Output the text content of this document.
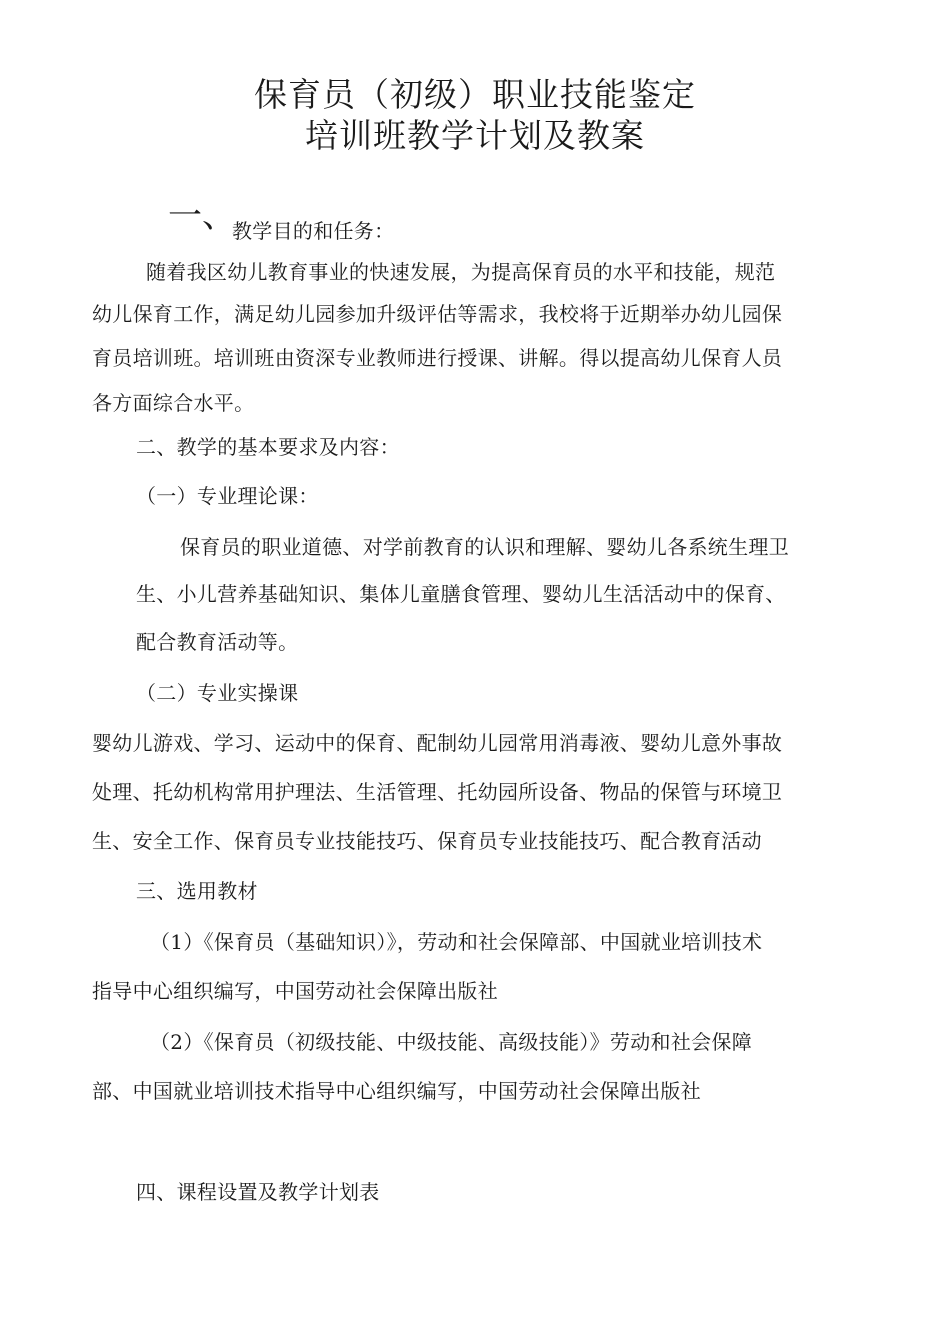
保育员（初级）职业技能鉴定
培训班教学计划及教案
一、
教学目的和任务：
随着我区幼儿教育事业的快速发展，为提高保育员的水平和技能，规范
幼儿保育工作，满足幼儿园参加升级评估等需求，我校将于近期举办幼儿园保
育员培训班。培训班由资深专业教师进行授课、讲解。得以提高幼儿保育人员
各方面综合水平。
二、教学的基本要求及内容：
（一）专业理论课：
保育员的职业道德、对学前教育的认识和理解、婴幼儿各系统生理卫
生、小儿营养基础知识、集体儿童膳食管理、婴幼儿生活活动中的保育、
配合教育活动等。
（二）专业实操课
婴幼儿游戏、学习、运动中的保育、配制幼儿园常用消毒液、婴幼儿意外事故
处理、托幼机构常用护理法、生活管理、托幼园所设备、物品的保管与环境卫
生、安全工作、保育员专业技能技巧、保育员专业技能技巧、配合教育活动
三、选用教材
（1）《保育员（基础知识）》，劳动和社会保障部、中国就业培训技术
指导中心组织编写，中国劳动社会保障出版社
（2）《保育员（初级技能、中级技能、高级技能）》劳动和社会保障
部、中国就业培训技术指导中心组织编写，中国劳动社会保障出版社
四、课程设置及教学计划表
